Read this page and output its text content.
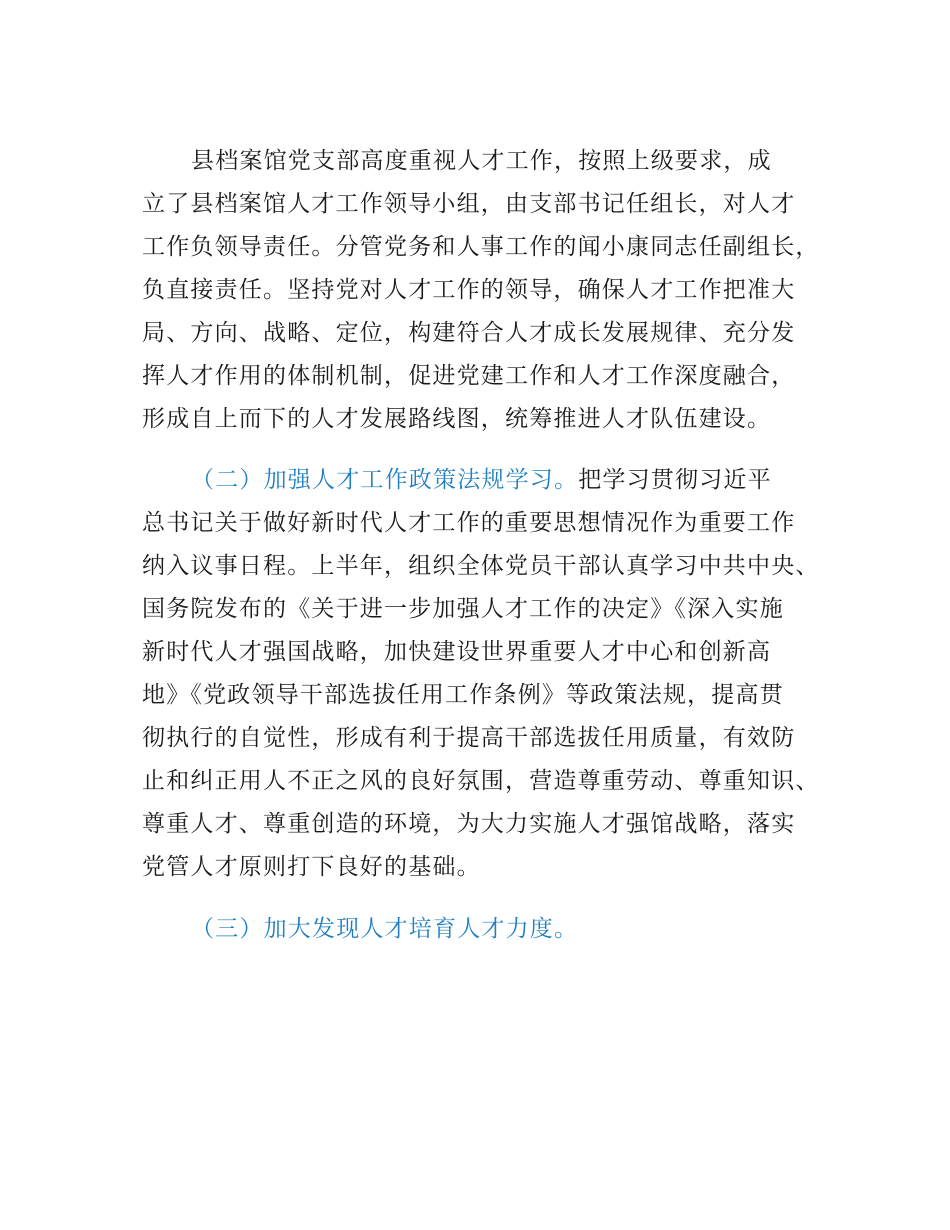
县档案馆党支部高度重视人才工作，按照上级要求，成
立了县档案馆人才工作领导小组，由支部书记任组长，对人才
工作负领导责任。分管党务和人事工作的闻小康同志任副组长，
负直接责任。坚持党对人才工作的领导，确保人才工作把准大
局、方向、战略、定位，构建符合人才成长发展规律、充分发
挥人才作用的体制机制，促进党建工作和人才工作深度融合，
形成自上而下的人才发展路线图，统筹推进人才队伍建设。
（二）加强人才工作政策法规学习。把学习贯彻习近平
总书记关于做好新时代人才工作的重要思想情况作为重要工作
纳入议事日程。上半年，组织全体党员干部认真学习中共中央、
国务院发布的《关于进一步加强人才工作的决定》《深入实施
新时代人才强国战略，加快建设世界重要人才中心和创新高
地》《党政领导干部选拔任用工作条例》等政策法规，提高贯
彻执行的自觉性，形成有利于提高干部选拔任用质量，有效防
止和纠正用人不正之风的良好氛围，营造尊重劳动、尊重知识、
尊重人才、尊重创造的环境，为大力实施人才强馆战略，落实
党管人才原则打下良好的基础。
（三）加大发现人才培育人才力度。
